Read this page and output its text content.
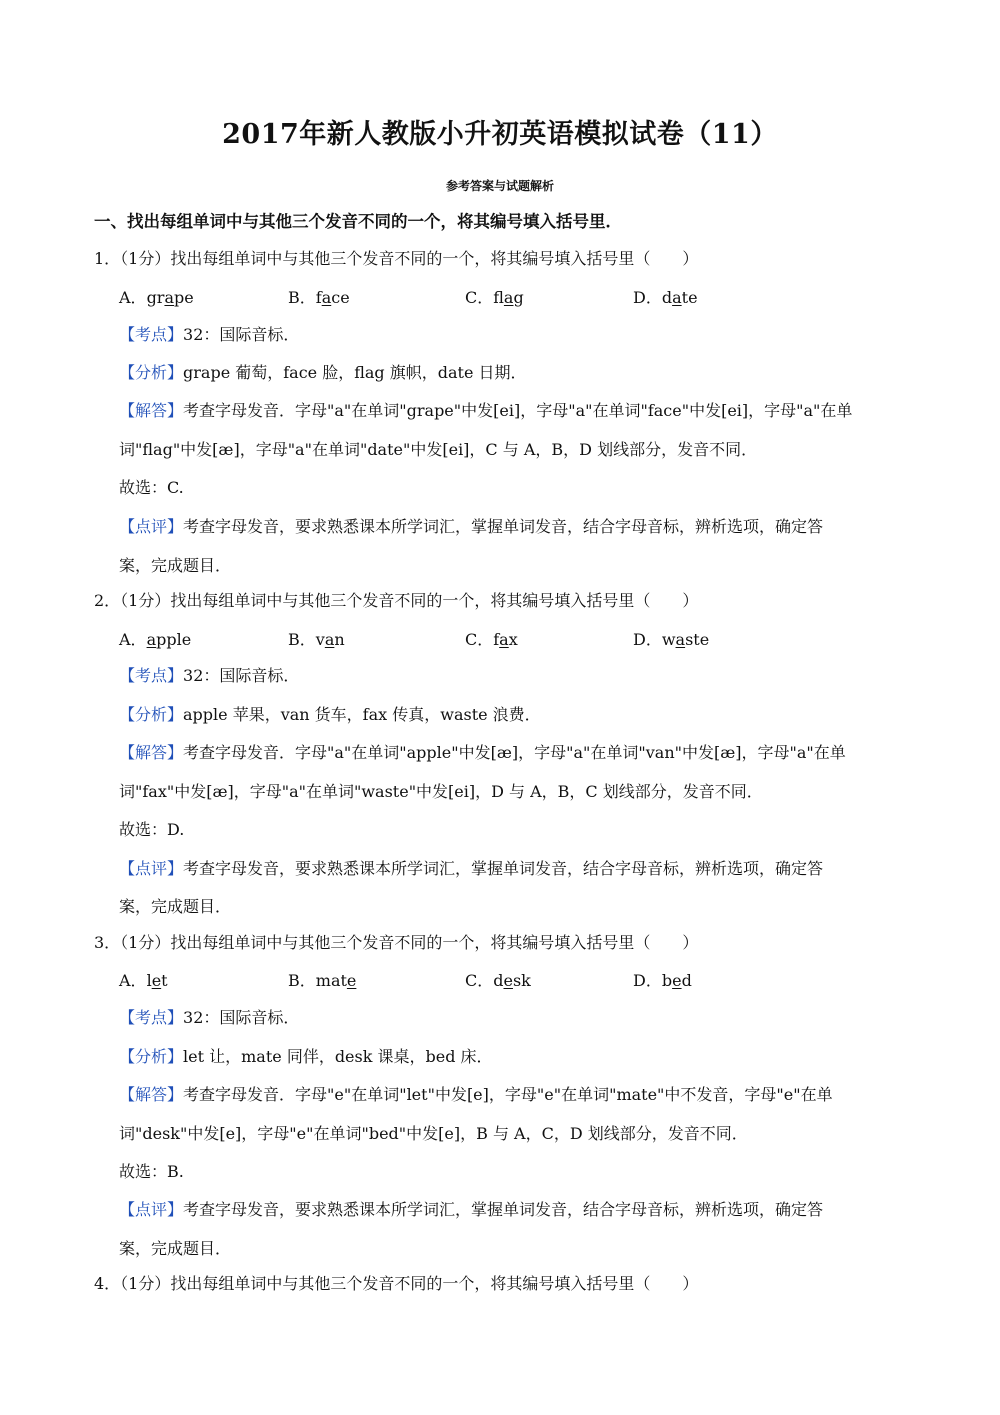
2017年新人教版小升初英语模拟试卷（11）
参考答案与试题解析
一、找出每组单词中与其他三个发音不同的一个，将其编号填入括号里．
1．（1分）找出每组单词中与其他三个发音不同的一个，将其编号填入括号里（　　）
A．grape	B．face	C．flag	D．date
【考点】32：国际音标．
【分析】grape 葡萄，face 脸，flag 旗帜，date 日期．
【解答】考查字母发音．字母"a"在单词"grape"中发[ei]，字母"a"在单词"face"中发[ei]，字母"a"在单
词"flag"中发[æ]，字母"a"在单词"date"中发[ei]，C 与 A，B，D 划线部分，发音不同．
故选：C.
【点评】考查字母发音，要求熟悉课本所学词汇，掌握单词发音，结合字母音标，辨析选项，确定答
案，完成题目．
2．（1分）找出每组单词中与其他三个发音不同的一个，将其编号填入括号里（　　）
A．apple	B．van	C．fax	D．waste
【考点】32：国际音标．
【分析】apple 苹果，van 货车，fax 传真，waste 浪费．
【解答】考查字母发音．字母"a"在单词"apple"中发[æ]，字母"a"在单词"van"中发[æ]，字母"a"在单
词"fax"中发[æ]，字母"a"在单词"waste"中发[ei]，D 与 A，B，C 划线部分，发音不同．
故选：D.
【点评】考查字母发音，要求熟悉课本所学词汇，掌握单词发音，结合字母音标，辨析选项，确定答
案，完成题目．
3．（1分）找出每组单词中与其他三个发音不同的一个，将其编号填入括号里（　　）
A．let	B．mate	C．desk	D．bed
【考点】32：国际音标．
【分析】let 让，mate 同伴，desk 课桌，bed 床．
【解答】考查字母发音．字母"e"在单词"let"中发[e]，字母"e"在单词"mate"中不发音，字母"e"在单
词"desk"中发[e]，字母"e"在单词"bed"中发[e]，B 与 A，C，D 划线部分，发音不同．
故选：B.
【点评】考查字母发音，要求熟悉课本所学词汇，掌握单词发音，结合字母音标，辨析选项，确定答
案，完成题目．
4．（1分）找出每组单词中与其他三个发音不同的一个，将其编号填入括号里（　　）
